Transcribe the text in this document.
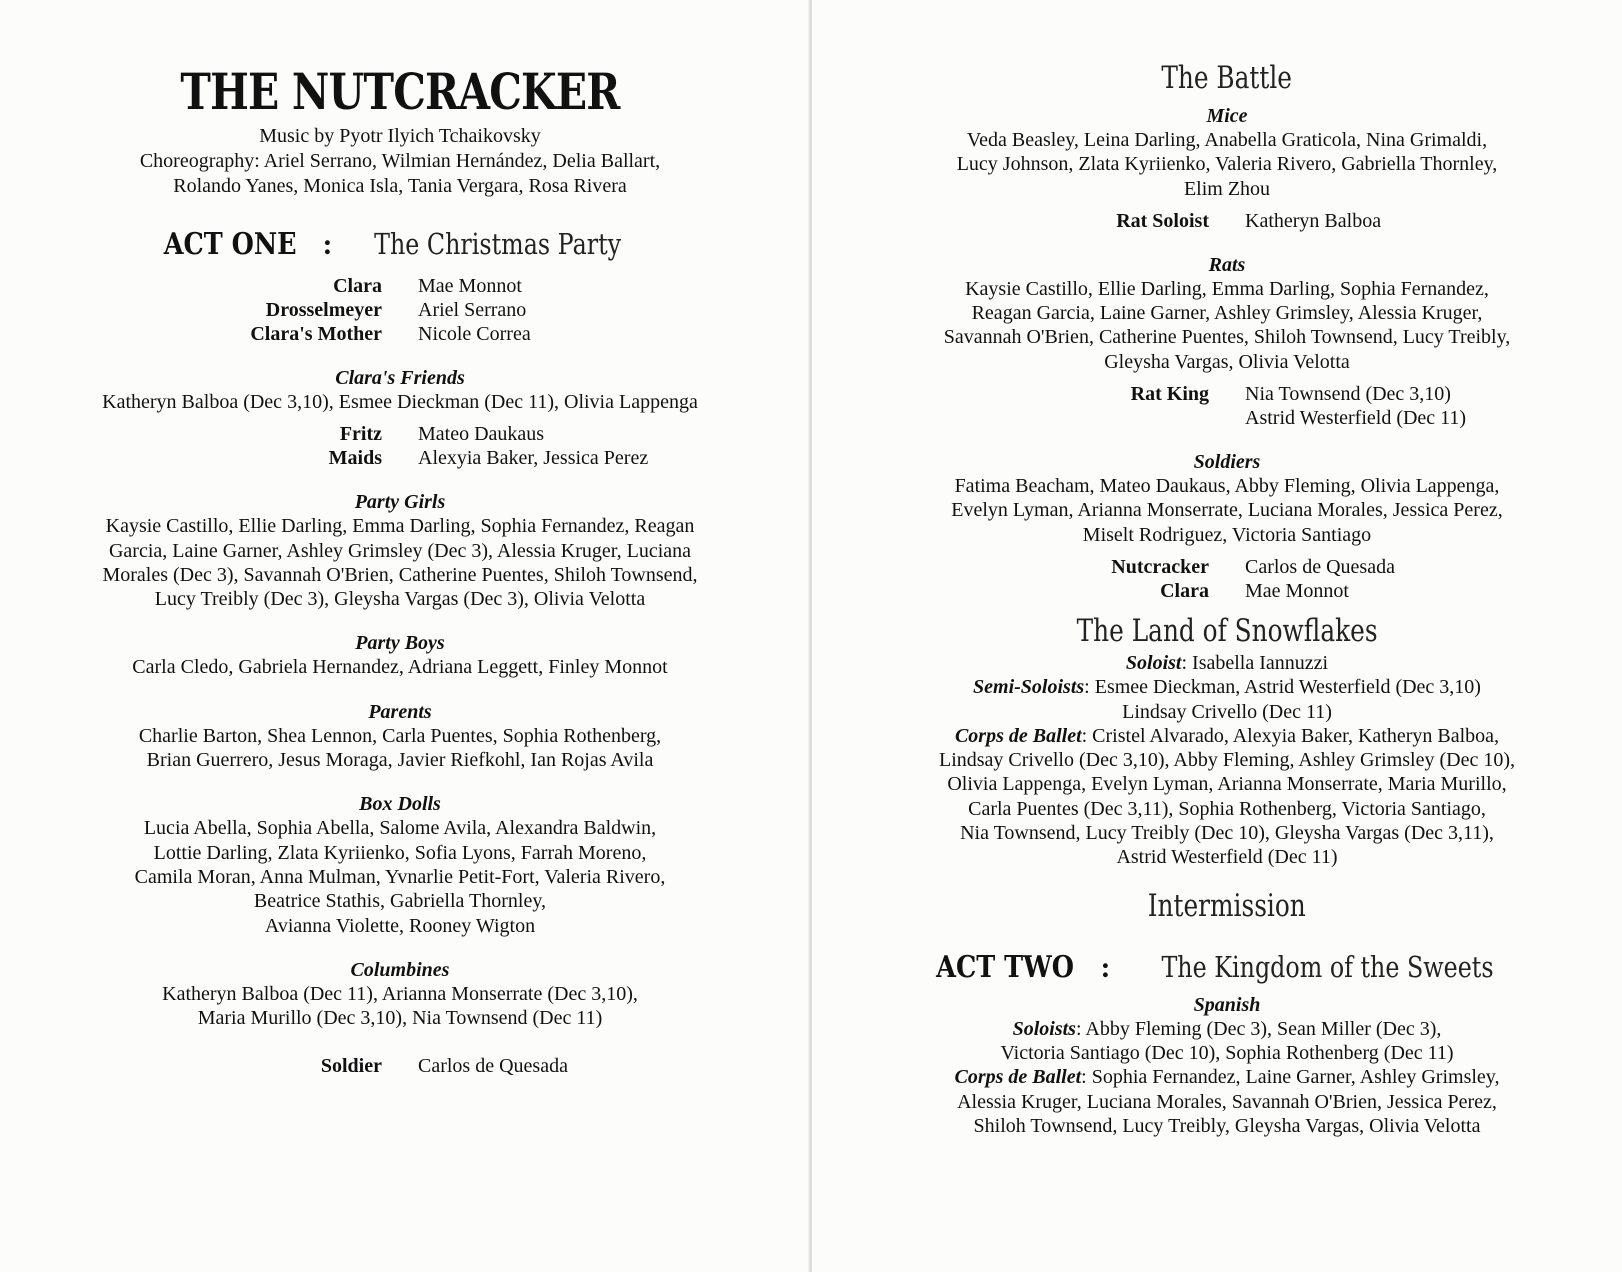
THE NUTCRACKER
Music by Pyotr Ilyich Tchaikovsky
Choreography: Ariel Serrano, Wilmian Hernández, Delia Ballart,
Rolando Yanes, Monica Isla, Tania Vergara, Rosa Rivera
ACT ONE : The Christmas Party
Clara Mae Monnot
Drosselmeyer Ariel Serrano
Clara's Mother Nicole Correa
Clara's Friends
Katheryn Balboa (Dec 3,10), Esmee Dieckman (Dec 11), Olivia Lappenga
Fritz Mateo Daukaus
Maids Alexyia Baker, Jessica Perez
Party Girls
Kaysie Castillo, Ellie Darling, Emma Darling, Sophia Fernandez, Reagan
Garcia, Laine Garner, Ashley Grimsley (Dec 3), Alessia Kruger, Luciana
Morales (Dec 3), Savannah O'Brien, Catherine Puentes, Shiloh Townsend,
Lucy Treibly (Dec 3), Gleysha Vargas (Dec 3), Olivia Velotta
Party Boys
Carla Cledo, Gabriela Hernandez, Adriana Leggett, Finley Monnot
Parents
Charlie Barton, Shea Lennon, Carla Puentes, Sophia Rothenberg,
Brian Guerrero, Jesus Moraga, Javier Riefkohl, Ian Rojas Avila
Box Dolls
Lucia Abella, Sophia Abella, Salome Avila, Alexandra Baldwin,
Lottie Darling, Zlata Kyriienko, Sofia Lyons, Farrah Moreno,
Camila Moran, Anna Mulman, Yvnarlie Petit-Fort, Valeria Rivero,
Beatrice Stathis, Gabriella Thornley,
Avianna Violette, Rooney Wigton
Columbines
Katheryn Balboa (Dec 11), Arianna Monserrate (Dec 3,10),
Maria Murillo (Dec 3,10), Nia Townsend (Dec 11)
Soldier Carlos de Quesada
The Battle
Mice
Veda Beasley, Leina Darling, Anabella Graticola, Nina Grimaldi,
Lucy Johnson, Zlata Kyriienko, Valeria Rivero, Gabriella Thornley,
Elim Zhou
Rat Soloist Katheryn Balboa
Rats
Kaysie Castillo, Ellie Darling, Emma Darling, Sophia Fernandez,
Reagan Garcia, Laine Garner, Ashley Grimsley, Alessia Kruger,
Savannah O'Brien, Catherine Puentes, Shiloh Townsend, Lucy Treibly,
Gleysha Vargas, Olivia Velotta
Rat King Nia Townsend (Dec 3,10)
Astrid Westerfield (Dec 11)
Soldiers
Fatima Beacham, Mateo Daukaus, Abby Fleming, Olivia Lappenga,
Evelyn Lyman, Arianna Monserrate, Luciana Morales, Jessica Perez,
Miselt Rodriguez, Victoria Santiago
Nutcracker Carlos de Quesada
Clara Mae Monnot
The Land of Snowflakes
Soloist: Isabella Iannuzzi
Semi-Soloists: Esmee Dieckman, Astrid Westerfield (Dec 3,10)
Lindsay Crivello (Dec 11)
Corps de Ballet: Cristel Alvarado, Alexyia Baker, Katheryn Balboa,
Lindsay Crivello (Dec 3,10), Abby Fleming, Ashley Grimsley (Dec 10),
Olivia Lappenga, Evelyn Lyman, Arianna Monserrate, Maria Murillo,
Carla Puentes (Dec 3,11), Sophia Rothenberg, Victoria Santiago,
Nia Townsend, Lucy Treibly (Dec 10), Gleysha Vargas (Dec 3,11),
Astrid Westerfield (Dec 11)
Intermission
ACT TWO : The Kingdom of the Sweets
Spanish
Soloists: Abby Fleming (Dec 3), Sean Miller (Dec 3),
Victoria Santiago (Dec 10), Sophia Rothenberg (Dec 11)
Corps de Ballet: Sophia Fernandez, Laine Garner, Ashley Grimsley,
Alessia Kruger, Luciana Morales, Savannah O'Brien, Jessica Perez,
Shiloh Townsend, Lucy Treibly, Gleysha Vargas, Olivia Velotta
